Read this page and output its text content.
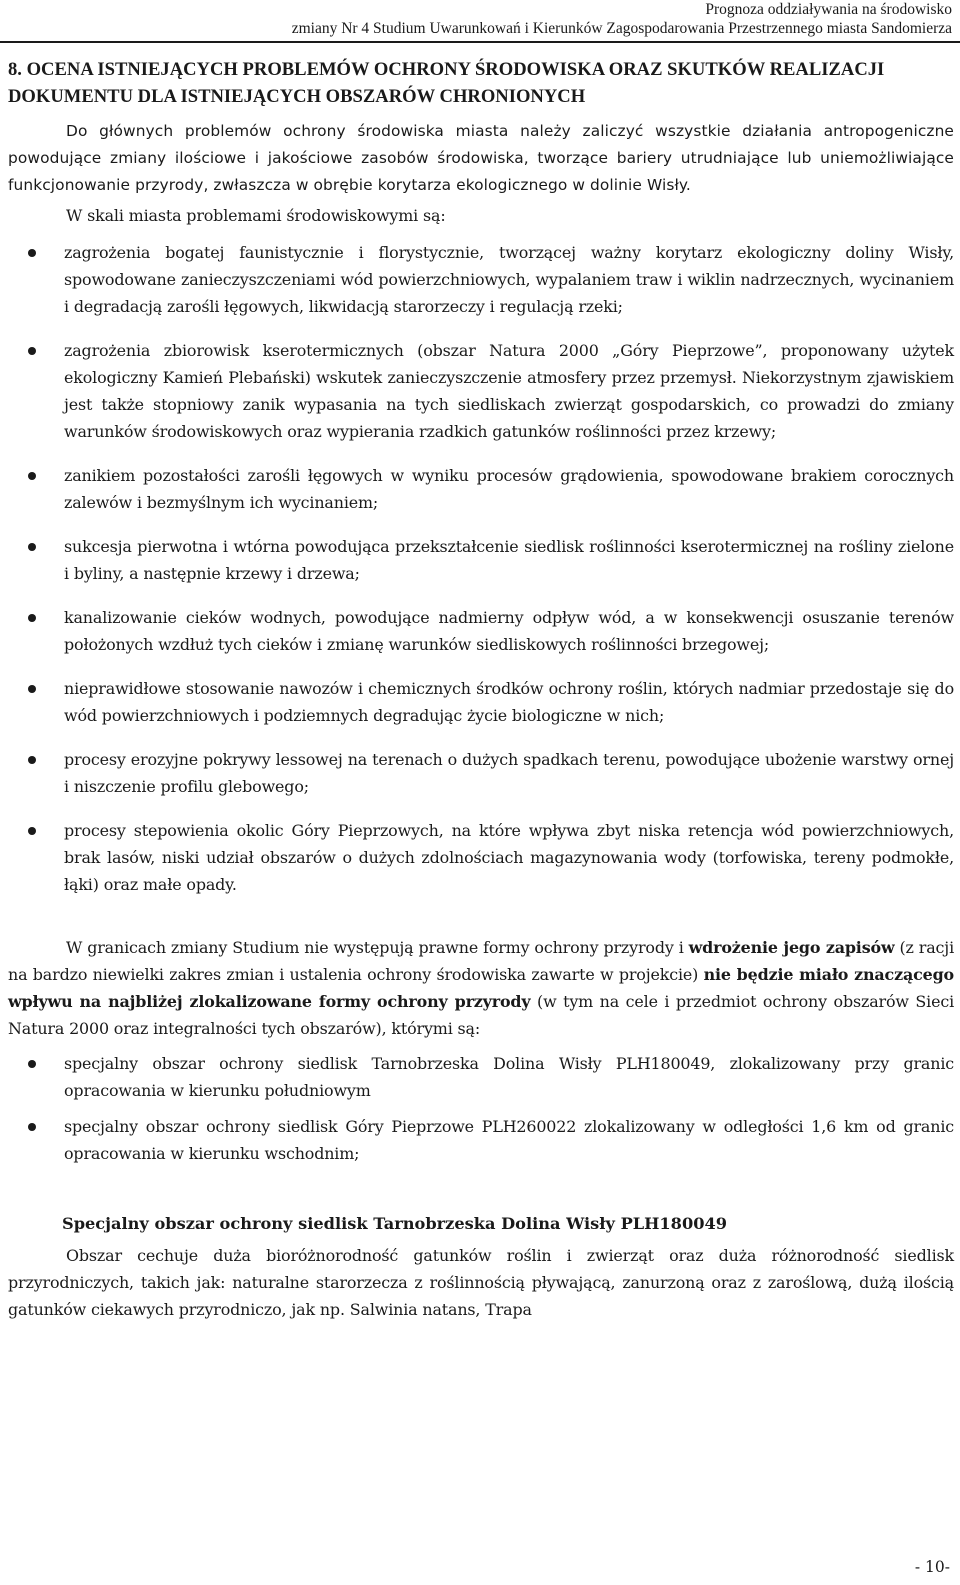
Prognoza oddziaływania na środowisko
zmiany Nr 4 Studium Uwarunkowań i Kierunków Zagospodarowania Przestrzennego miasta Sandomierza
8. OCENA ISTNIEJĄCYCH PROBLEMÓW OCHRONY ŚRODOWISKA ORAZ SKUTKÓW REALIZACJI DOKUMENTU DLA ISTNIEJĄCYCH OBSZARÓW CHRONIONYCH

Do głównych problemów ochrony środowiska miasta należy zaliczyć wszystkie działania antropogeniczne powodujące zmiany ilościowe i jakościowe zasobów środowiska, tworzące bariery utrudniające lub uniemożliwiające funkcjonowanie przyrody, zwłaszcza w obrębie korytarza ekologicznego w dolinie Wisły.

W skali miasta problemami środowiskowymi są:

zagrożenia bogatej faunistycznie i florystycznie, tworzącej ważny korytarz ekologiczny doliny Wisły, spowodowane zanieczyszczeniami wód powierzchniowych, wypalaniem traw i wiklin nadrzecznych, wycinaniem i degradacją zarośli łęgowych, likwidacją starorzeczy i regulacją rzeki;
zagrożenia zbiorowisk kserotermicznych (obszar Natura 2000 „Góry Pieprzowe”, proponowany użytek ekologiczny Kamień Plebański) wskutek zanieczyszczenie atmosfery przez przemysł. Niekorzystnym zjawiskiem jest także stopniowy zanik wypasania na tych siedliskach zwierząt gospodarskich, co prowadzi do zmiany warunków środowiskowych oraz wypierania rzadkich gatunków roślinności przez krzewy;
zanikiem pozostałości zarośli łęgowych w wyniku procesów grądowienia, spowodowane brakiem corocznych zalewów i bezmyślnym ich wycinaniem;
sukcesja pierwotna i wtórna powodująca przekształcenie siedlisk roślinności kserotermicznej na rośliny zielone i byliny, a następnie krzewy i drzewa;
kanalizowanie cieków wodnych, powodujące nadmierny odpływ wód, a w konsekwencji osuszanie terenów położonych wzdłuż tych cieków i zmianę warunków siedliskowych roślinności brzegowej;
nieprawidłowe stosowanie nawozów i chemicznych środków ochrony roślin, których nadmiar przedostaje się do wód powierzchniowych i podziemnych degradując życie biologiczne w nich;
procesy erozyjne pokrywy lessowej na terenach o dużych spadkach terenu, powodujące ubożenie warstwy ornej i niszczenie profilu glebowego;
procesy stepowienia okolic Góry Pieprzowych, na które wpływa zbyt niska retencja wód powierzchniowych, brak lasów, niski udział obszarów o dużych zdolnościach magazynowania wody (torfowiska, tereny podmokłe, łąki) oraz małe opady.

W granicach zmiany Studium nie występują prawne formy ochrony przyrody i wdrożenie jego zapisów (z racji na bardzo niewielki zakres zmian i ustalenia ochrony środowiska zawarte w projekcie) nie będzie miało znaczącego wpływu na najbliżej zlokalizowane formy ochrony przyrody (w tym na cele i przedmiot ochrony obszarów Sieci Natura 2000 oraz integralności tych obszarów), którymi są:

specjalny obszar ochrony siedlisk Tarnobrzeska Dolina Wisły PLH180049, zlokalizowany przy granic opracowania w kierunku południowym
specjalny obszar ochrony siedlisk Góry Pieprzowe PLH260022 zlokalizowany w odległości 1,6 km od granic opracowania w kierunku wschodnim;
Specjalny obszar ochrony siedlisk Tarnobrzeska Dolina Wisły PLH180049

Obszar cechuje duża bioróżnorodność gatunków roślin i zwierząt oraz duża różnorodność siedlisk przyrodniczych, takich jak: naturalne starorzecza z roślinnością pływającą, zanurzoną oraz z zaroślową, dużą ilością gatunków ciekawych przyrodniczo, jak np. Salwinia natans, Trapa

- 10-
